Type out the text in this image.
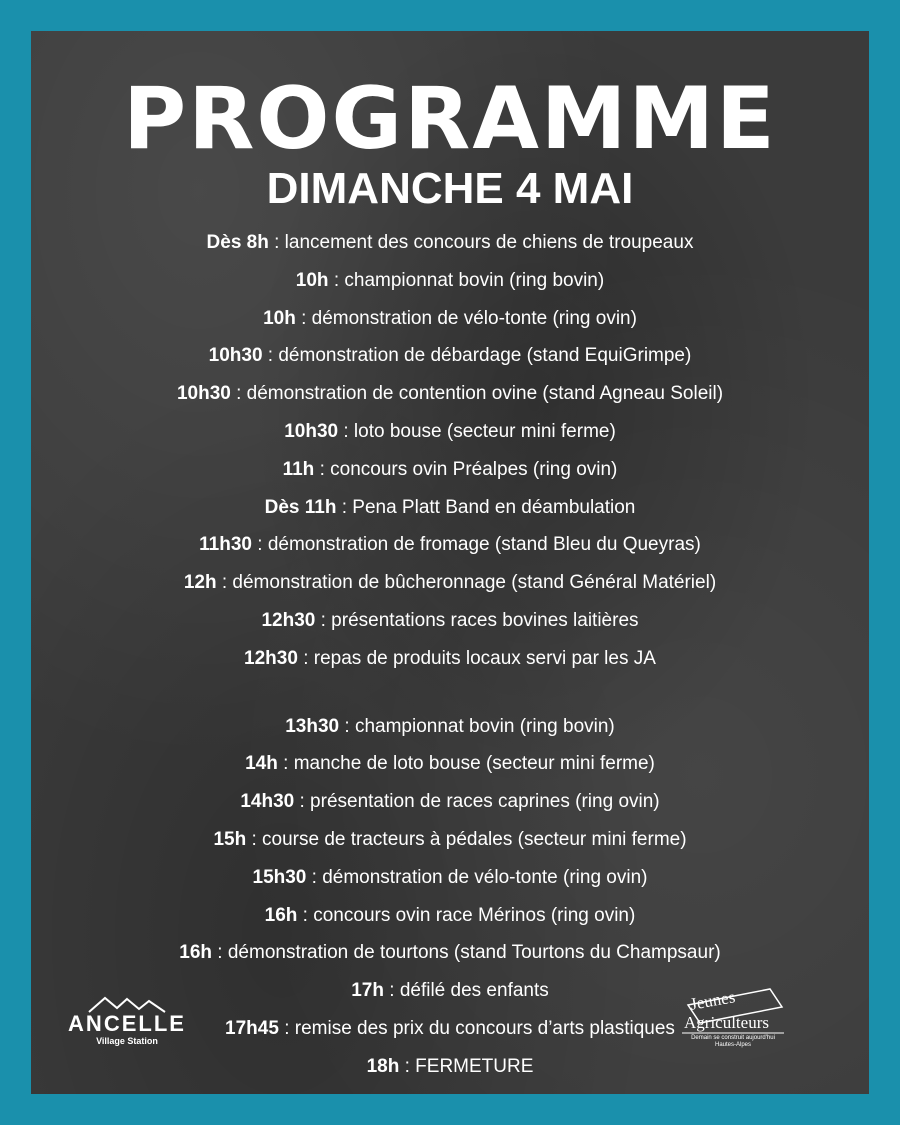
PROGRAMME
DIMANCHE 4 MAI
Dès 8h : lancement des concours de chiens de troupeaux
10h : championnat bovin (ring bovin)
10h : démonstration de vélo-tonte (ring ovin)
10h30 : démonstration de débardage (stand EquiGrimpe)
10h30 : démonstration de contention ovine (stand Agneau Soleil)
10h30 : loto bouse (secteur mini ferme)
11h : concours ovin Préalpes (ring ovin)
Dès 11h : Pena Platt Band en déambulation
11h30 : démonstration de fromage (stand Bleu du Queyras)
12h : démonstration de bûcheronnage (stand Général Matériel)
12h30 : présentations races bovines laitières
12h30 : repas de produits locaux servi par les JA
13h30 : championnat bovin (ring bovin)
14h : manche de loto bouse (secteur mini ferme)
14h30 : présentation de races caprines (ring ovin)
15h : course de tracteurs à pédales (secteur mini ferme)
15h30 : démonstration de vélo-tonte (ring ovin)
16h : concours ovin race Mérinos (ring ovin)
16h : démonstration de tourtons (stand Tourtons du Champsaur)
17h : défilé des enfants
17h45 : remise des prix du concours d’arts plastiques
18h : FERMETURE
ANCELLE
Village Station
Jeunes
Agriculteurs
Demain se construit aujourd'hui Hautes-Alpes
